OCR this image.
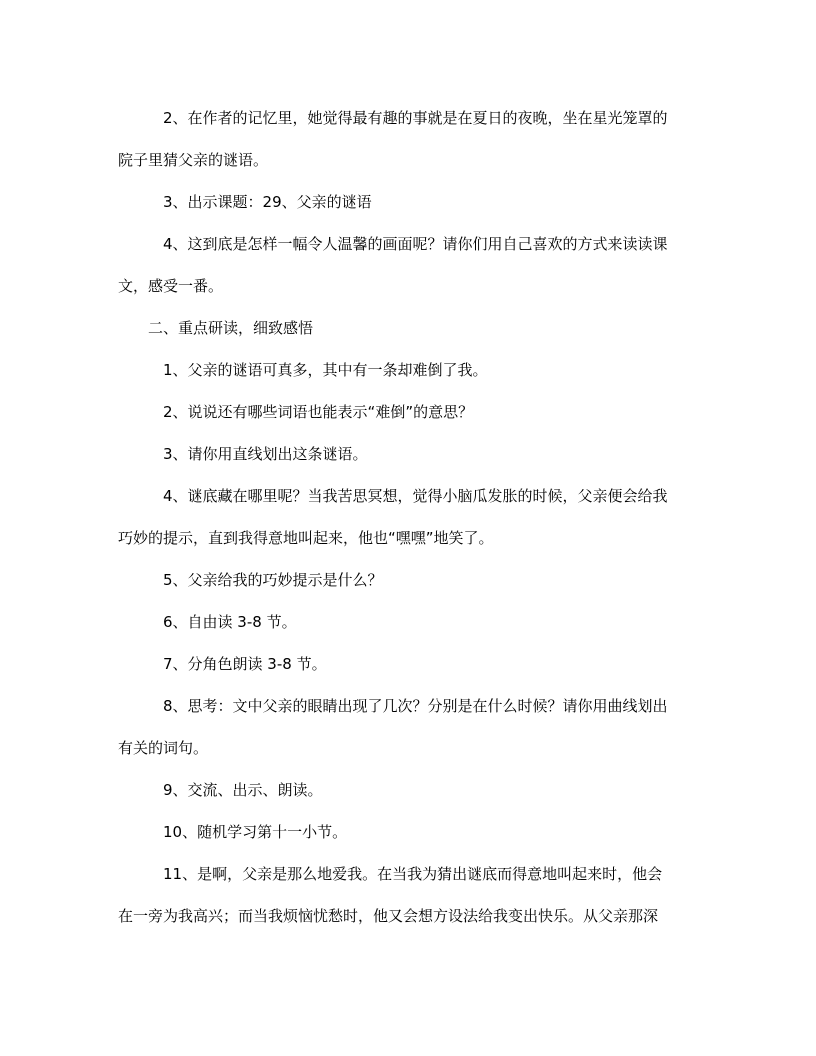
2、在作者的记忆里，她觉得最有趣的事就是在夏日的夜晚，坐在星光笼罩的
院子里猜父亲的谜语。
3、出示课题：29、父亲的谜语
4、这到底是怎样一幅令人温馨的画面呢？请你们用自己喜欢的方式来读读课
文，感受一番。
二、重点研读，细致感悟
1、父亲的谜语可真多，其中有一条却难倒了我。
2、说说还有哪些词语也能表示“难倒”的意思？
3、请你用直线划出这条谜语。
4、谜底藏在哪里呢？当我苦思冥想，觉得小脑瓜发胀的时候，父亲便会给我
巧妙的提示，直到我得意地叫起来，他也“嘿嘿”地笑了。
5、父亲给我的巧妙提示是什么？
6、自由读 3-8 节。
7、分角色朗读 3-8 节。
8、思考：文中父亲的眼睛出现了几次？分别是在什么时候？请你用曲线划出
有关的词句。
9、交流、出示、朗读。
10、随机学习第十一小节。
11、是啊，父亲是那么地爱我。在当我为猜出谜底而得意地叫起来时，他会
在一旁为我高兴；而当我烦恼忧愁时，他又会想方设法给我变出快乐。从父亲那深
